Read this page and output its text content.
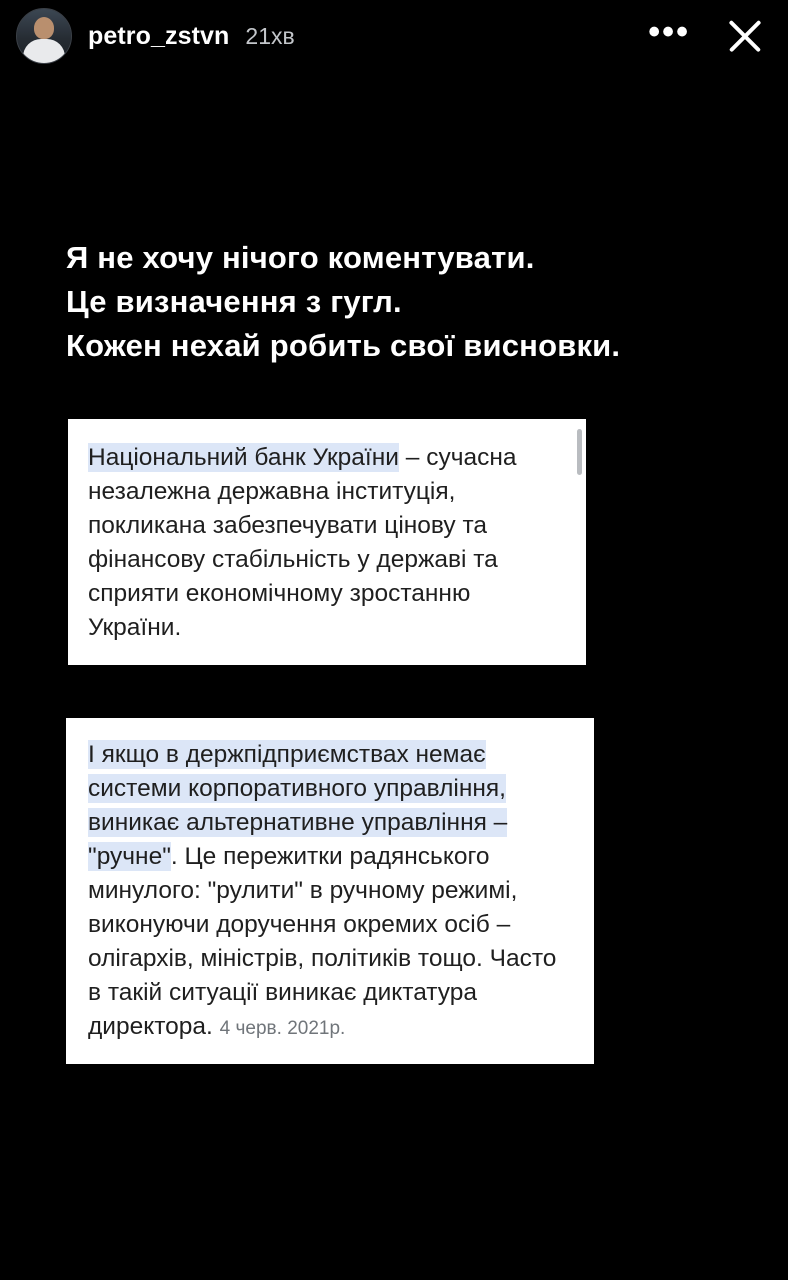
petro_zstvn 21хв	•••
Я не хочу нічого коментувати.
Це визначення з гугл.
Кожен нехай робить свої висновки.
Національний банк України – сучасна незалежна державна інституція, покликана забезпечувати цінову та фінансову стабільність у державі та сприяти економічному зростанню України.
І якщо в держпідприємствах немає системи корпоративного управління, виникає альтернативне управління – "ручне". Це пережитки радянського минулого: "рулити" в ручному режимі, виконуючи доручення окремих осіб – олігархів, міністрів, політиків тощо. Часто в такій ситуації виникає диктатура директора. 4 черв. 2021р.
